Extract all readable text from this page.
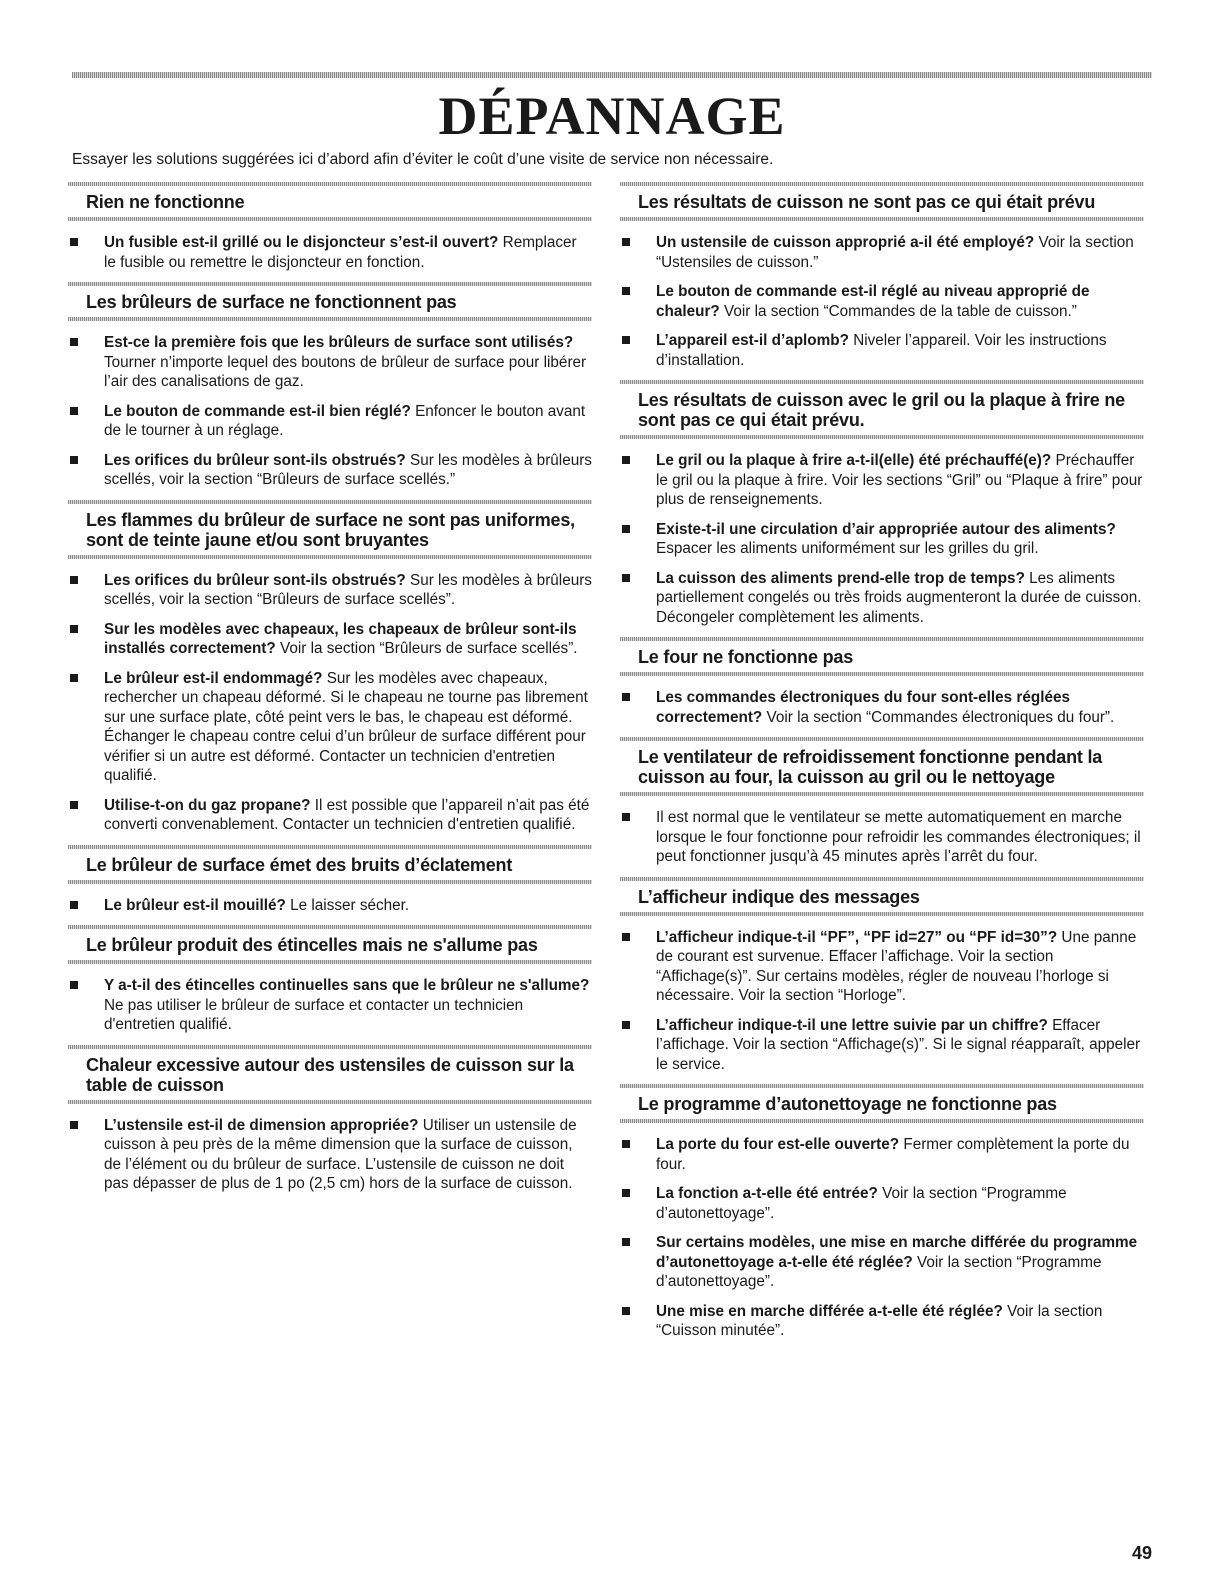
DÉPANNAGE

Essayer les solutions suggérées ici d’abord afin d’éviter le coût d’une visite de service non nécessaire.

Rien ne fonctionne
Un fusible est-il grillé ou le disjoncteur s’est-il ouvert? Remplacer le fusible ou remettre le disjoncteur en fonction.
Les brûleurs de surface ne fonctionnent pas
Est-ce la première fois que les brûleurs de surface sont utilisés? Tourner n’importe lequel des boutons de brûleur de surface pour libérer l’air des canalisations de gaz.
Le bouton de commande est-il bien réglé? Enfoncer le bouton avant de le tourner à un réglage.
Les orifices du brûleur sont-ils obstrués? Sur les modèles à brûleurs scellés, voir la section “Brûleurs de surface scellés.”
Les flammes du brûleur de surface ne sont pas uniformes, sont de teinte jaune et/ou sont bruyantes
Les orifices du brûleur sont-ils obstrués? Sur les modèles à brûleurs scellés, voir la section “Brûleurs de surface scellés”.
Sur les modèles avec chapeaux, les chapeaux de brûleur sont-ils installés correctement? Voir la section “Brûleurs de surface scellés”.
Le brûleur est-il endommagé? Sur les modèles avec chapeaux, rechercher un chapeau déformé. Si le chapeau ne tourne pas librement sur une surface plate, côté peint vers le bas, le chapeau est déformé. Échanger le chapeau contre celui d’un brûleur de surface différent pour vérifier si un autre est déformé. Contacter un technicien d'entretien qualifié.
Utilise-t-on du gaz propane? Il est possible que l’appareil n’ait pas été converti convenablement. Contacter un technicien d'entretien qualifié.
Le brûleur de surface émet des bruits d’éclatement
Le brûleur est-il mouillé? Le laisser sécher.
Le brûleur produit des étincelles mais ne s'allume pas
Y a-t-il des étincelles continuelles sans que le brûleur ne s'allume? Ne pas utiliser le brûleur de surface et contacter un technicien d'entretien qualifié.
Chaleur excessive autour des ustensiles de cuisson sur la table de cuisson
L’ustensile est-il de dimension appropriée? Utiliser un ustensile de cuisson à peu près de la même dimension que la surface de cuisson, de l’élément ou du brûleur de surface. L’ustensile de cuisson ne doit pas dépasser de plus de 1 po (2,5 cm) hors de la surface de cuisson.
Les résultats de cuisson ne sont pas ce qui était prévu
Un ustensile de cuisson approprié a-il été employé? Voir la section “Ustensiles de cuisson.”
Le bouton de commande est-il réglé au niveau approprié de chaleur? Voir la section “Commandes de la table de cuisson.”
L’appareil est-il d’aplomb? Niveler l’appareil. Voir les instructions d’installation.
Les résultats de cuisson avec le gril ou la plaque à frire ne sont pas ce qui était prévu.
Le gril ou la plaque à frire a-t-il(elle) été préchauffé(e)? Préchauffer le gril ou la plaque à frire. Voir les sections “Gril” ou “Plaque à frire” pour plus de renseignements.
Existe-t-il une circulation d’air appropriée autour des aliments? Espacer les aliments uniformément sur les grilles du gril.
La cuisson des aliments prend-elle trop de temps? Les aliments partiellement congelés ou très froids augmenteront la durée de cuisson. Décongeler complètement les aliments.
Le four ne fonctionne pas
Les commandes électroniques du four sont-elles réglées correctement? Voir la section “Commandes électroniques du four”.
Le ventilateur de refroidissement fonctionne pendant la cuisson au four, la cuisson au gril ou le nettoyage
Il est normal que le ventilateur se mette automatiquement en marche lorsque le four fonctionne pour refroidir les commandes électroniques; il peut fonctionner jusqu’à 45 minutes après l’arrêt du four.
L’afficheur indique des messages
L’afficheur indique-t-il “PF”, “PF id=27” ou “PF id=30”? Une panne de courant est survenue. Effacer l’affichage. Voir la section “Affichage(s)”. Sur certains modèles, régler de nouveau l’horloge si nécessaire. Voir la section “Horloge”.
L’afficheur indique-t-il une lettre suivie par un chiffre? Effacer l’affichage. Voir la section “Affichage(s)”. Si le signal réapparaît, appeler le service.
Le programme d’autonettoyage ne fonctionne pas
La porte du four est-elle ouverte? Fermer complètement la porte du four.
La fonction a-t-elle été entrée? Voir la section “Programme d’autonettoyage”.
Sur certains modèles, une mise en marche différée du programme d’autonettoyage a-t-elle été réglée? Voir la section “Programme d’autonettoyage”.
Une mise en marche différée a-t-elle été réglée? Voir la section “Cuisson minutée”.
49
